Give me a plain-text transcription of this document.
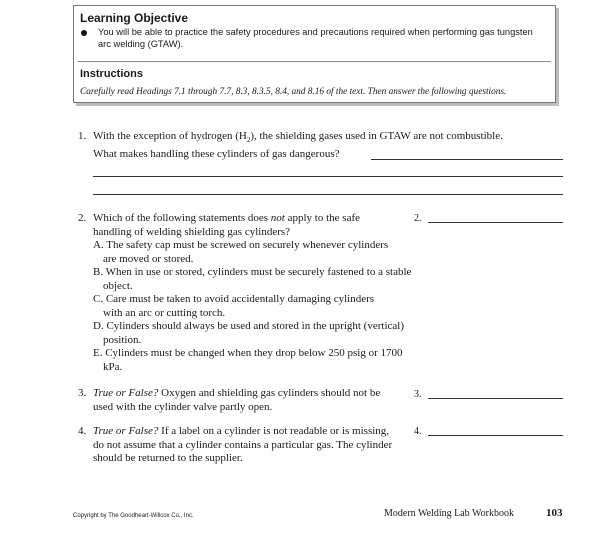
Learning Objective
You will be able to practice the safety procedures and precautions required when performing gas tungsten arc welding (GTAW).
Instructions
Carefully read Headings 7.1 through 7.7, 8.3, 8.3.5, 8.4, and 8.16 of the text. Then answer the following questions.
1. With the exception of hydrogen $(H_2)$, the shielding gases used in GTAW are not combustible.
What makes handling these cylinders of gas dangerous?
2. Which of the following statements does not apply to the safe handling of welding shielding gas cylinders?
2.
A. The safety cap must be screwed on securely whenever cylinders are moved or stored.
B. When in use or stored, cylinders must be securely fastened to a stable object.
C. Care must be taken to avoid accidentally damaging cylinders with an arc or cutting torch.
D. Cylinders should always be used and stored in the upright (vertical) position.
E. Cylinders must be changed when they drop below 250 psig or 1700 kPa.
3. True or False? Oxygen and shielding gas cylinders should not be used with the cylinder valve partly open.
3.
4. True or False? If a label on a cylinder is not readable or is missing, do not assume that a cylinder contains a particular gas. The cylinder should be returned to the supplier.
4.
Copyright by The Goodheart-Willcox Co., Inc.	Modern Welding Lab Workbook	103
